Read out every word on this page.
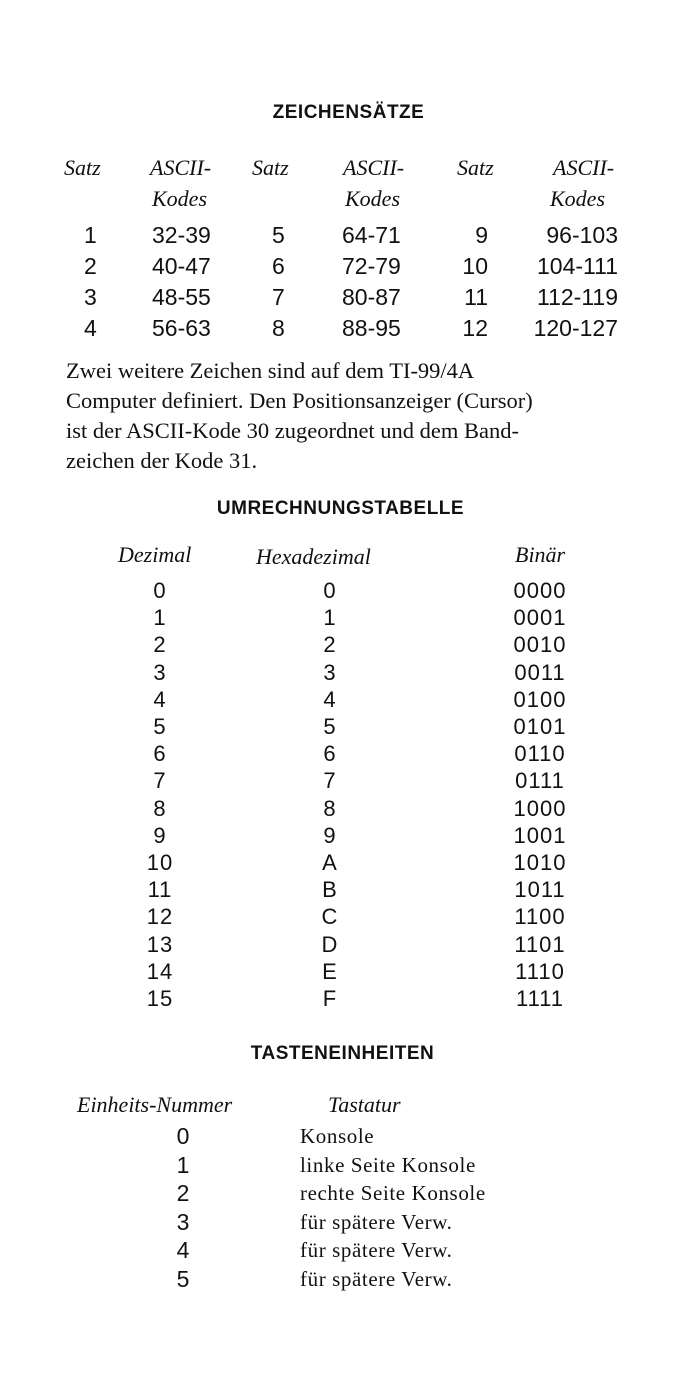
ZEICHENSÄTZE
Satz ASCII-
Kodes
Satz ASCII-
Kodes
Satz	ASCII-
Kodes
1 32-39	5 64-71	9	96-103
2 40-47	6 72-79	10	104-111
3 48-55	7 80-87	11	112-119
4 56-63	8 88-95	12	120-127
Zwei weitere Zeichen sind auf dem TI-99/4A
Computer definiert. Den Positionsanzeiger (Cursor)
ist der ASCII-Kode 30 zugeordnet und dem Band-
zeichen der Kode 31.
UMRECHNUNGSTABELLE
Dezimal	Hexadezimal	Binär
0	0	0000
1	1	0001
2	2	0010
3	3	0011
4	4	0100
5	5	0101
6	6	0110
7	7	0111
8	8	1000
9	9	1001
10	A	1010
11	B	1011
12	C	1100
13	D	1101
14	E	1110
15	F	1111
TASTENEINHEITEN
Einheits-Nummer	Tastatur
0	Konsole
1	linke Seite Konsole
2	rechte Seite Konsole
3	für spätere Verw.
4	für spätere Verw.
5	für spätere Verw.
